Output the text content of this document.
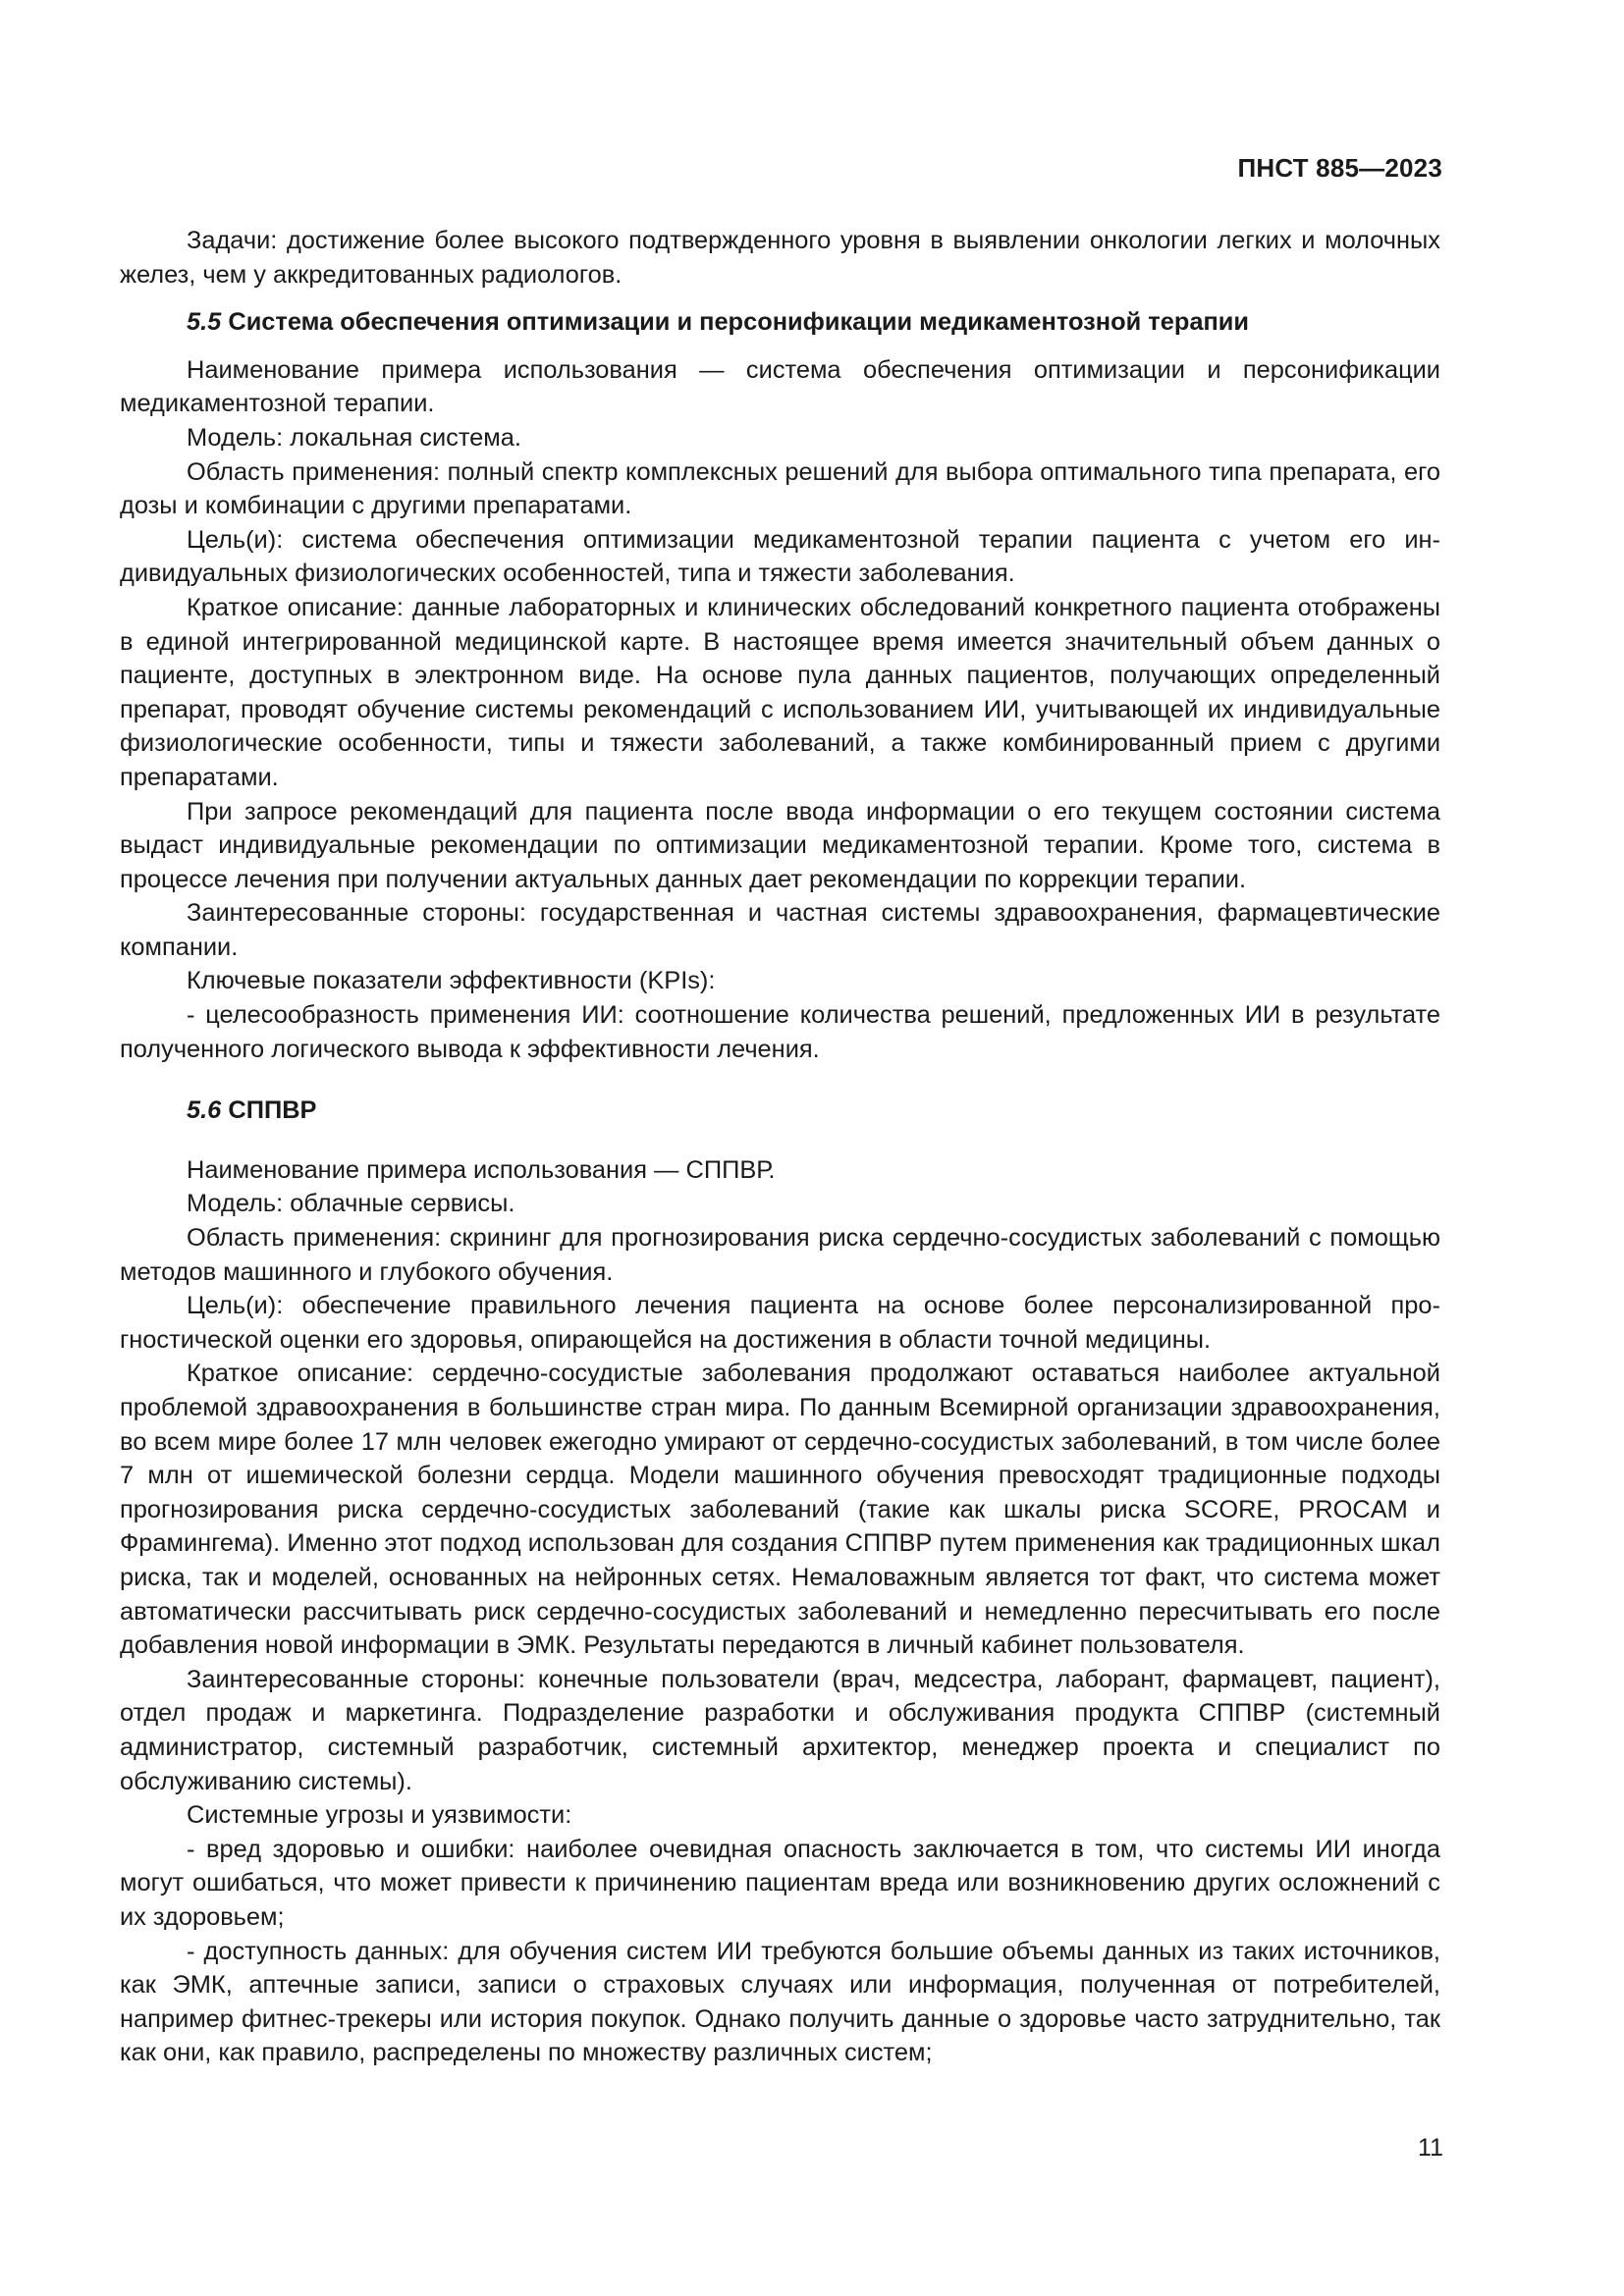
ПНСТ 885—2023

Задачи: достижение более высокого подтвержденного уровня в выявлении онкологии легких и молочных желез, чем у аккредитованных радиологов.

5.5 Система обеспечения оптимизации и персонификации медикаментозной терапии

Наименование примера использования — система обеспечения оптимизации и персонификации медикаментозной терапии.

Модель: локальная система.

Область применения: полный спектр комплексных решений для выбора оптимального типа препарата, его дозы и комбинации с другими препаратами.

Цель(и): система обеспечения оптимизации медикаментозной терапии пациента с учетом его индивидуальных физиологических особенностей, типа и тяжести заболевания.

Краткое описание: данные лабораторных и клинических обследований конкретного пациента отображены в единой интегрированной медицинской карте. В настоящее время имеется значительный объем данных о пациенте, доступных в электронном виде. На основе пула данных пациентов, получающих определенный препарат, проводят обучение системы рекомендаций с использованием ИИ, учитывающей их индивидуальные физиологические особенности, типы и тяжести заболеваний, а также комбинированный прием с другими препаратами.

При запросе рекомендаций для пациента после ввода информации о его текущем состоянии система выдаст индивидуальные рекомендации по оптимизации медикаментозной терапии. Кроме того, система в процессе лечения при получении актуальных данных дает рекомендации по коррекции терапии.

Заинтересованные стороны: государственная и частная системы здравоохранения, фармацевтические компании.

Ключевые показатели эффективности (KPIs):

- целесообразность применения ИИ: соотношение количества решений, предложенных ИИ в результате полученного логического вывода к эффективности лечения.

5.6 СППВР

Наименование примера использования — СППВР.

Модель: облачные сервисы.

Область применения: скрининг для прогнозирования риска сердечно-сосудистых заболеваний с помощью методов машинного и глубокого обучения.

Цель(и): обеспечение правильного лечения пациента на основе более персонализированной прогностической оценки его здоровья, опирающейся на достижения в области точной медицины.

Краткое описание: сердечно-сосудистые заболевания продолжают оставаться наиболее актуальной проблемой здравоохранения в большинстве стран мира. По данным Всемирной организации здравоохранения, во всем мире более 17 млн человек ежегодно умирают от сердечно-сосудистых заболеваний, в том числе более 7 млн от ишемической болезни сердца. Модели машинного обучения превосходят традиционные подходы прогнозирования риска сердечно-сосудистых заболеваний (такие как шкалы риска SCORE, PROCAM и Фрамингема). Именно этот подход использован для создания СППВР путем применения как традиционных шкал риска, так и моделей, основанных на нейронных сетях. Немаловажным является тот факт, что система может автоматически рассчитывать риск сердечно-сосудистых заболеваний и немедленно пересчитывать его после добавления новой информации в ЭМК. Результаты передаются в личный кабинет пользователя.

Заинтересованные стороны: конечные пользователи (врач, медсестра, лаборант, фармацевт, пациент), отдел продаж и маркетинга. Подразделение разработки и обслуживания продукта СППВР (системный администратор, системный разработчик, системный архитектор, менеджер проекта и специалист по обслуживанию системы).

Системные угрозы и уязвимости:

- вред здоровью и ошибки: наиболее очевидная опасность заключается в том, что системы ИИ иногда могут ошибаться, что может привести к причинению пациентам вреда или возникновению других осложнений с их здоровьем;

- доступность данных: для обучения систем ИИ требуются большие объемы данных из таких источников, как ЭМК, аптечные записи, записи о страховых случаях или информация, полученная от потребителей, например фитнес-трекеры или история покупок. Однако получить данные о здоровье часто затруднительно, так как они, как правило, распределены по множеству различных систем;

11
